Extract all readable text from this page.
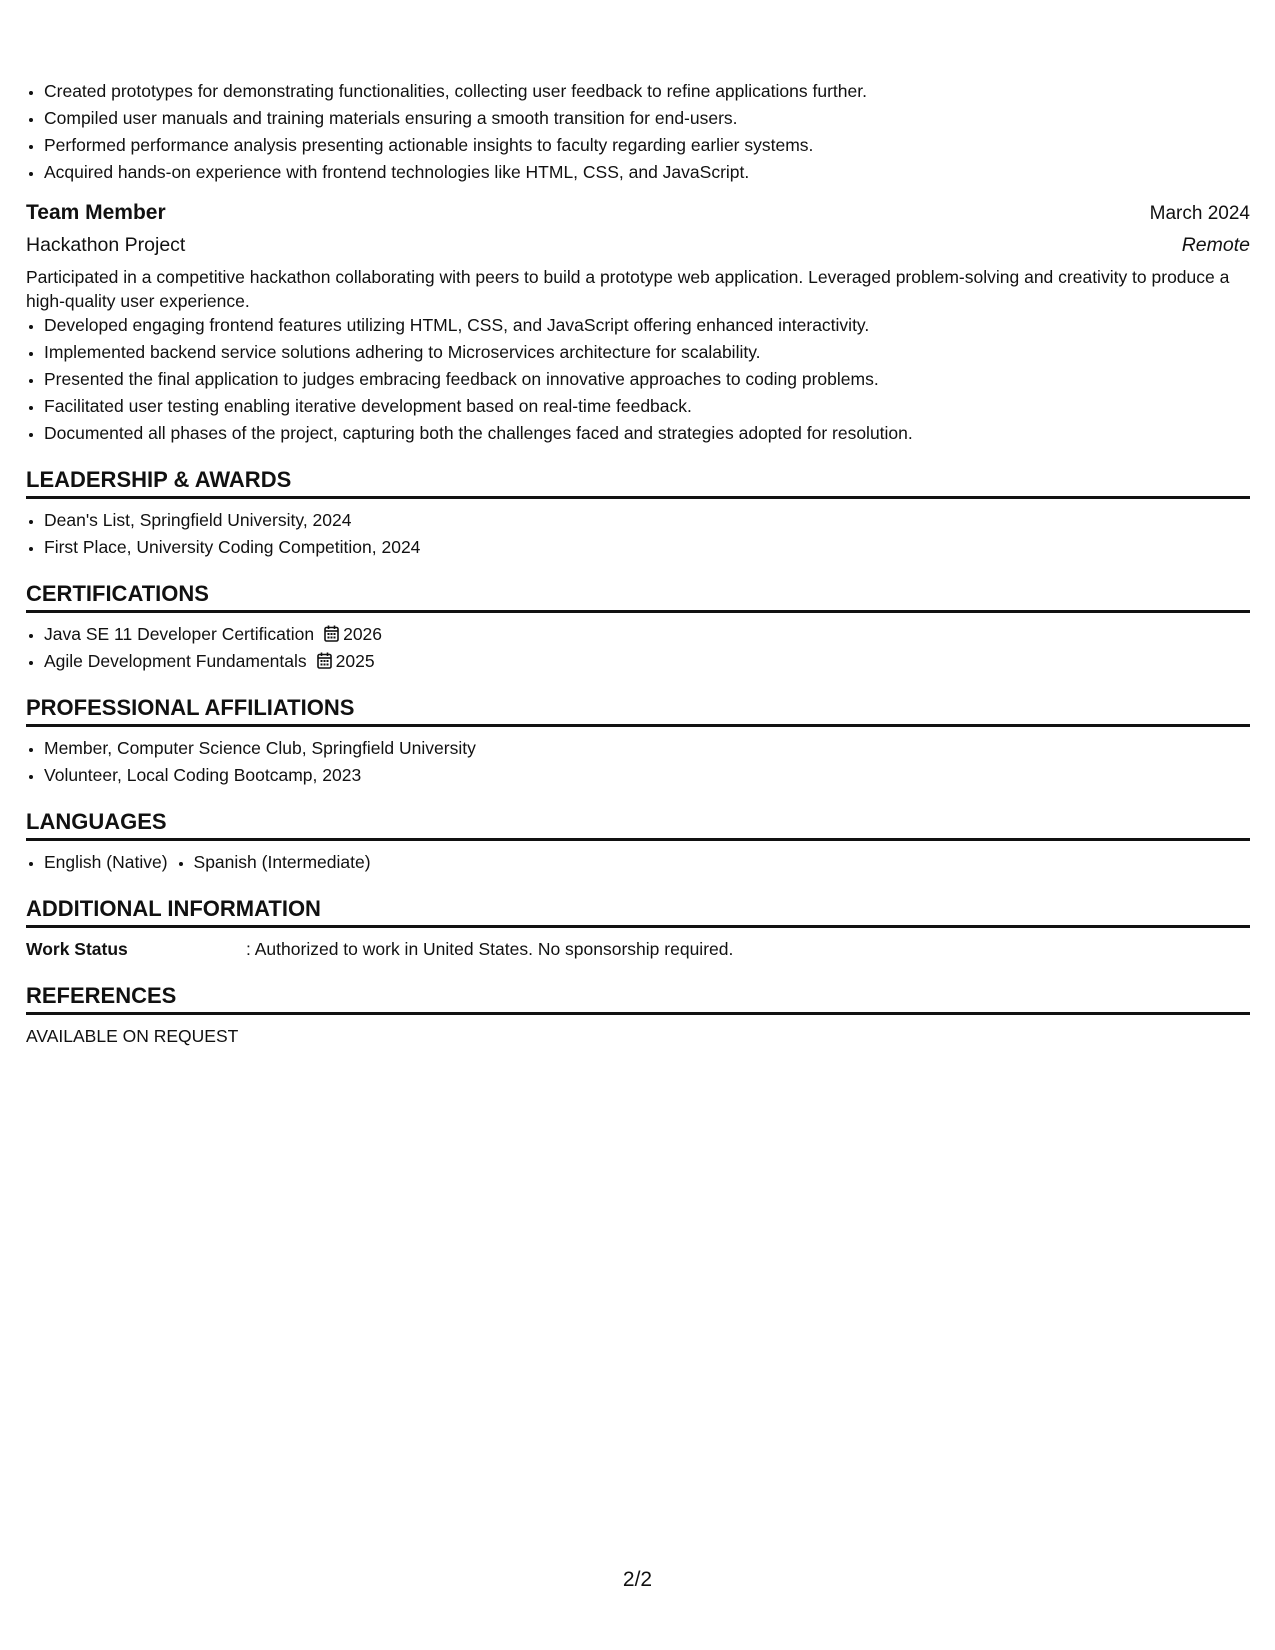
• Created prototypes for demonstrating functionalities, collecting user feedback to refine applications further.
• Compiled user manuals and training materials ensuring a smooth transition for end-users.
• Performed performance analysis presenting actionable insights to faculty regarding earlier systems.
• Acquired hands-on experience with frontend technologies like HTML, CSS, and JavaScript.
Team Member	March 2024
Hackathon Project	Remote
Participated in a competitive hackathon collaborating with peers to build a prototype web application. Leveraged problem-solving and creativity to produce a high-quality user experience.
• Developed engaging frontend features utilizing HTML, CSS, and JavaScript offering enhanced interactivity.
• Implemented backend service solutions adhering to Microservices architecture for scalability.
• Presented the final application to judges embracing feedback on innovative approaches to coding problems.
• Facilitated user testing enabling iterative development based on real-time feedback.
• Documented all phases of the project, capturing both the challenges faced and strategies adopted for resolution.
LEADERSHIP & AWARDS
• Dean's List, Springfield University, 2024
• First Place, University Coding Competition, 2024
CERTIFICATIONS
• Java SE 11 Developer Certification 2026
• Agile Development Fundamentals 2025
PROFESSIONAL AFFILIATIONS
• Member, Computer Science Club, Springfield University
• Volunteer, Local Coding Bootcamp, 2023
LANGUAGES
• English (Native)
• Spanish (Intermediate)
ADDITIONAL INFORMATION
Work Status	: Authorized to work in United States. No sponsorship required.
REFERENCES
AVAILABLE ON REQUEST
2/2
